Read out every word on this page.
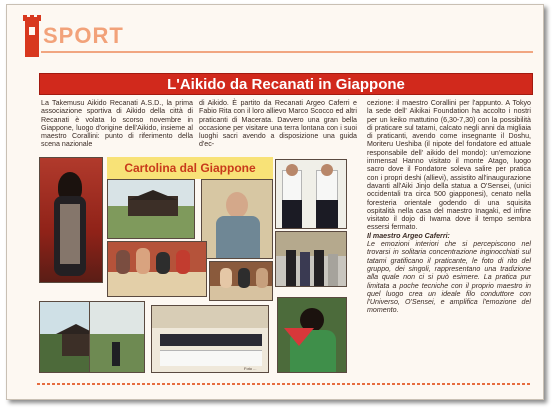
SPORT
L'Aikido da Recanati in Giappone
La Takemusu Aikido Recanati A.S.D., la prima associazione sportiva di Aikido della città di Recanati è volata lo scorso novembre in Giappone, luogo d'origine dell'Aikido, insieme al maestro Corallini: punto di riferimento della scena nazionale
di Aikido. È partito da Recanati Argeo Caferri e Fabio Rita con il loro allievo Marco Scocco ed altri praticanti di Macerata. Davvero una gran bella occasione per visitare una terra lontana con i suoi luoghi sacri avendo a disposizione una guida d'ec-
cezione: il maestro Corallini per l'appunto. A Tokyo la sede dell' Aikikai Foundation ha accolto i nostri per un keiko mattutino (6,30-7,30) con la possibilità di praticare sul tatami, calcato negli anni da migliaia di praticanti, avendo come insegnante il Doshu, Moriteru Ueshiba (il nipote del fondatore ed attuale responsabile dell' aikido del mondo): un'emozione immensa! Hanno visitato il monte Atago, luogo sacro dove il Fondatore soleva salire per pratica con i propri deshi (allievi), assistito all'inaugurazione davanti all'Aiki Jinjo della statua a O'Sensei, (unici occidentali tra circa 500 giapponesi), cenato nella foresteria orientale godendo di una squisita ospitalità nella casa del maestro Inagaki, ed infine visitato il dojo di Iwama dove il tempo sembra essersi fermato.
Il maestro Argeo Caferri:
Le emozioni interiori che si percepiscono nel trovarsi in solitaria concentrazione inginocchiati sul tatami gratificano il praticante, le foto di rito del gruppo, dei singoli, rappresentano una tradizione alla quale non ci si può esimere. La pratica pur limitata a poche tecniche con il proprio maestro in quel luogo crea un ideale filo conduttore con l'Universo, O'Sensei, e amplifica l'emozione del momento.
Cartolina dal Giappone
Foto ...
